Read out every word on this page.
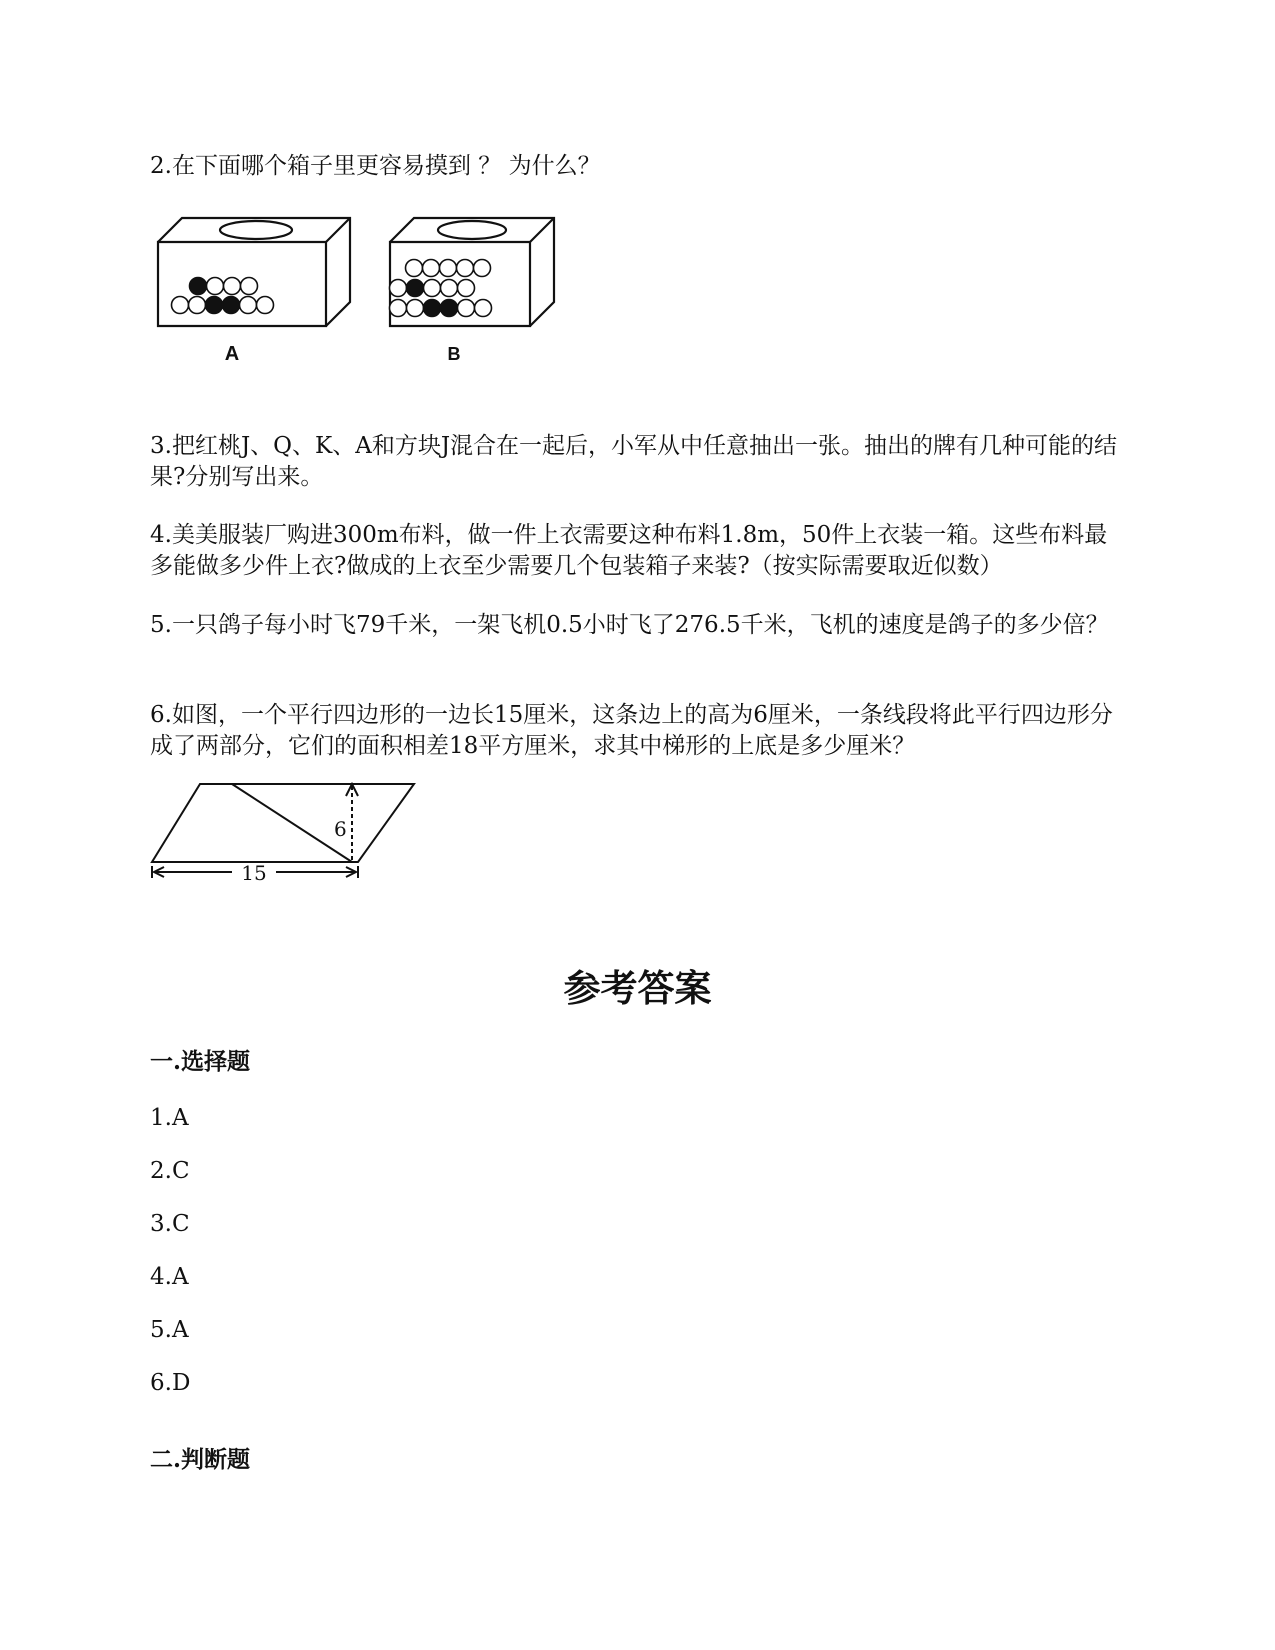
2.在下面哪个箱子里更容易摸到 ？ 为什么？

A	B

3.把红桃J、Q、K、A和方块J混合在一起后，小军从中任意抽出一张。抽出的牌有几种可能的结果?分别写出来。

4.美美服装厂购进300m布料，做一件上衣需要这种布料1.8m，50件上衣装一箱。这些布料最多能做多少件上衣?做成的上衣至少需要几个包装箱子来装?（按实际需要取近似数）

5.一只鸽子每小时飞79千米，一架飞机0.5小时飞了276.5千米，飞机的速度是鸽子的多少倍？

6.如图，一个平行四边形的一边长15厘米，这条边上的高为6厘米，一条线段将此平行四边形分成了两部分，它们的面积相差18平方厘米，求其中梯形的上底是多少厘米？

6
15
参考答案
一.选择题

1.A

2.C

3.C

4.A

5.A

6.D

二.判断题
